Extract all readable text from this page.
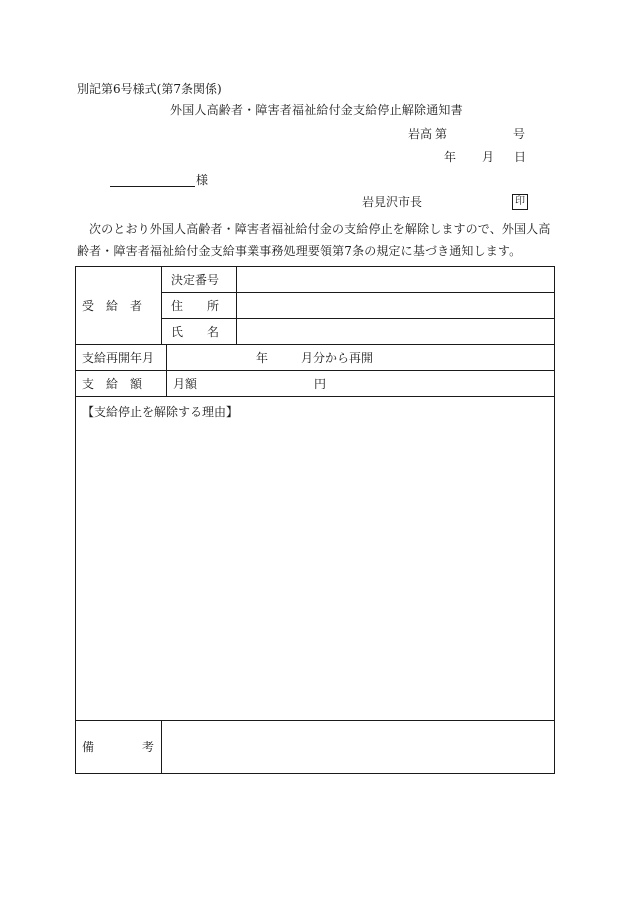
別記第6号様式(第7条関係)
外国人高齢者・障害者福祉給付金支給停止解除通知書
岩高 第	号
年 月 日
様
岩見沢市長	印
次のとおり外国人高齢者・障害者福祉給付金の支給停止を解除しますので、外国人高齢者・障害者福祉給付金支給事業事務処理要領第7条の規定に基づき通知します。
受　給　者
決定番号
住　　所
氏　　名
支給再開年月	年	月分から再開
支　給　額	月額	円
【支給停止を解除する理由】
備　　　　考
